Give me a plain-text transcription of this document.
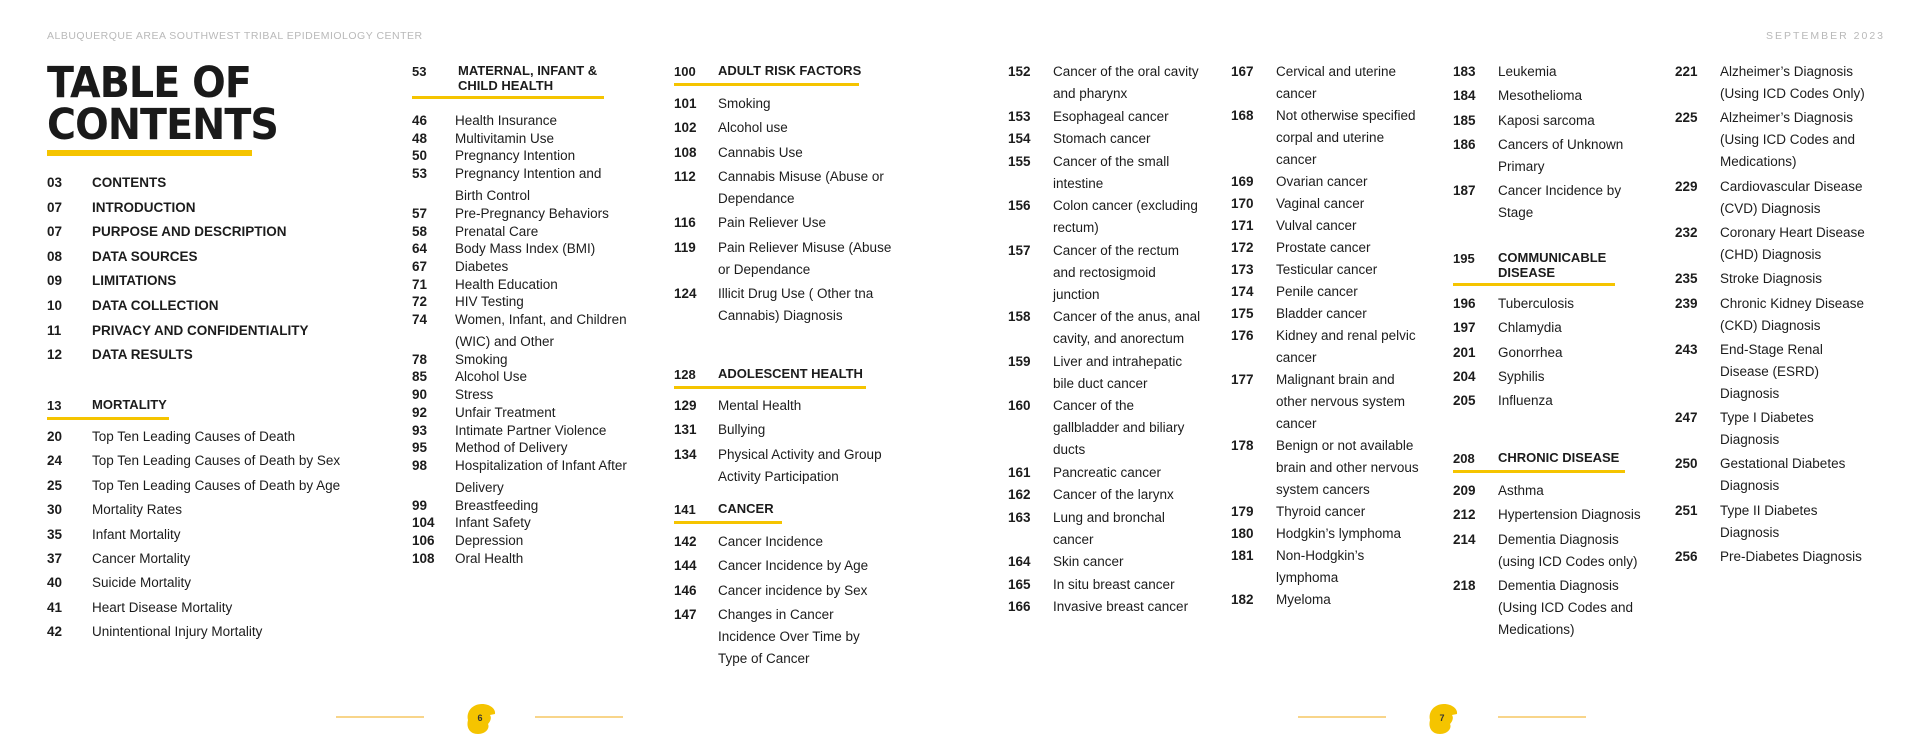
ALBUQUERQUE AREA SOUTHWEST TRIBAL EPIDEMIOLOGY CENTER	SEPTEMBER 2023
TABLE OF
CONTENTS
03 CONTENTS
07 INTRODUCTION
07 PURPOSE AND DESCRIPTION
08 DATA SOURCES
09 LIMITATIONS
10 DATA COLLECTION
11 PRIVACY AND CONFIDENTIALITY
12 DATA RESULTS
13 MORTALITY
20 Top Ten Leading Causes of Death
24 Top Ten Leading Causes of Death by Sex
25 Top Ten Leading Causes of Death by Age
30 Mortality Rates
35 Infant Mortality
37 Cancer Mortality
40 Suicide Mortality
41 Heart Disease Mortality
42 Unintentional Injury Mortality
53 MATERNAL, INFANT &
CHILD HEALTH
46 Health Insurance
48 Multivitamin Use
50 Pregnancy Intention
53 Pregnancy Intention and
Birth Control
57 Pre-Pregnancy Behaviors
58 Prenatal Care
64 Body Mass Index (BMI)
67 Diabetes
71 Health Education
72 HIV Testing
74 Women, Infant, and Children
(WIC) and Other
78 Smoking
85 Alcohol Use
90 Stress
92 Unfair Treatment
93 Intimate Partner Violence
95 Method of Delivery
98 Hospitalization of Infant After
Delivery
99 Breastfeeding
104 Infant Safety
106 Depression
108 Oral Health
100 ADULT RISK FACTORS
101 Smoking
102 Alcohol use
108 Cannabis Use
112 Cannabis Misuse (Abuse or
Dependance
116 Pain Reliever Use
119 Pain Reliever Misuse (Abuse
or Dependance
124 Illicit Drug Use ( Other tna
Cannabis) Diagnosis
128 ADOLESCENT HEALTH
129 Mental Health
131 Bullying
134 Physical Activity and Group
Activity Participation
141 CANCER
142 Cancer Incidence
144 Cancer Incidence by Age
146 Cancer incidence by Sex
147 Changes in Cancer
Incidence Over Time by
Type of Cancer
152 Cancer of the oral cavity
and pharynx
153 Esophageal cancer
154 Stomach cancer
155 Cancer of the small
intestine
156 Colon cancer (excluding
rectum)
157 Cancer of the rectum
and rectosigmoid
junction
158 Cancer of the anus, anal
cavity, and anorectum
159 Liver and intrahepatic
bile duct cancer
160 Cancer of the
gallbladder and biliary
ducts
161 Pancreatic cancer
162 Cancer of the larynx
163 Lung and bronchal
cancer
164 Skin cancer
165 In situ breast cancer
166 Invasive breast cancer
167 Cervical and uterine
cancer
168 Not otherwise specified
corpal and uterine
cancer
169 Ovarian cancer
170 Vaginal cancer
171 Vulval cancer
172 Prostate cancer
173 Testicular cancer
174 Penile cancer
175 Bladder cancer
176 Kidney and renal pelvic
cancer
177 Malignant brain and
other nervous system
cancer
178 Benign or not available
brain and other nervous
system cancers
179 Thyroid cancer
180 Hodgkin’s lymphoma
181 Non-Hodgkin’s
lymphoma
182 Myeloma
183 Leukemia
184 Mesothelioma
185 Kaposi sarcoma
186 Cancers of Unknown
Primary
187 Cancer Incidence by
Stage
195 COMMUNICABLE
DISEASE
196 Tuberculosis
197 Chlamydia
201 Gonorrhea
204 Syphilis
205 Influenza
208 CHRONIC DISEASE
209 Asthma
212 Hypertension Diagnosis
214 Dementia Diagnosis
(using ICD Codes only)
218 Dementia Diagnosis
(Using ICD Codes and
Medications)
221 Alzheimer’s Diagnosis
(Using ICD Codes Only)
225 Alzheimer’s Diagnosis
(Using ICD Codes and
Medications)
229 Cardiovascular Disease
(CVD) Diagnosis
232 Coronary Heart Disease
(CHD) Diagnosis
235 Stroke Diagnosis
239 Chronic Kidney Disease
(CKD) Diagnosis
243 End-Stage Renal
Disease (ESRD)
Diagnosis
247 Type I Diabetes
Diagnosis
250 Gestational Diabetes
Diagnosis
251 Type II Diabetes
Diagnosis
256 Pre-Diabetes Diagnosis
6	7
